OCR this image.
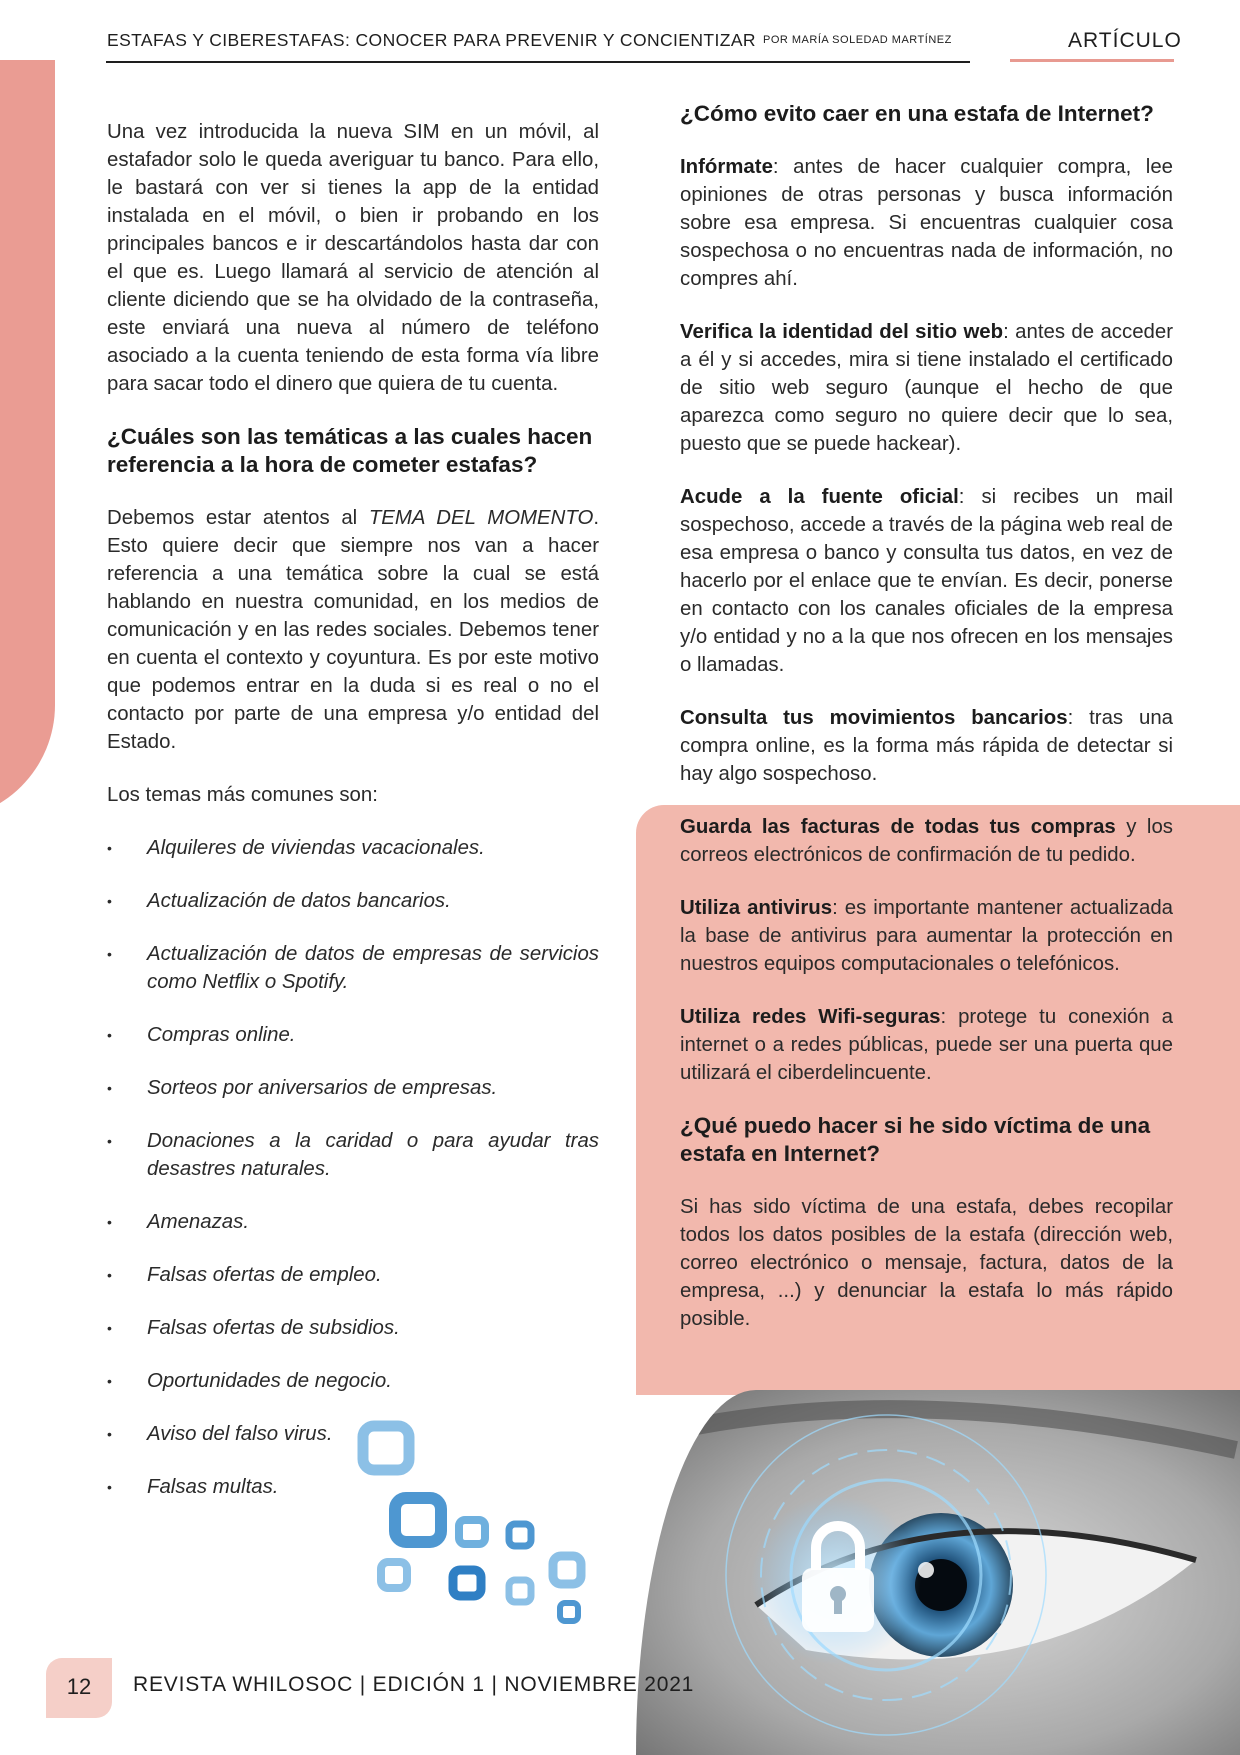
ESTAFAS Y CIBERESTAFAS: CONOCER PARA PREVENIR Y CONCIENTIZAR POR MARÍA SOLEDAD MARTÍNEZ	ARTÍCULO

Una vez introducida la nueva SIM en un móvil, al estafador solo le queda averiguar tu banco. Para ello, le bastará con ver si tienes la app de la entidad instalada en el móvil, o bien ir probando en los principales bancos e ir descartándolos hasta dar con el que es. Luego llamará al servicio de atención al cliente diciendo que se ha olvidado de la contraseña, este enviará una nueva al número de teléfono asociado a la cuenta teniendo de esta forma vía libre para sacar todo el dinero que quiera de tu cuenta.

¿Cuáles son las temáticas a las cuales hacen referencia a la hora de cometer estafas?

Debemos estar atentos al TEMA DEL MOMENTO. Esto quiere decir que siempre nos van a hacer referencia a una temática sobre la cual se está hablando en nuestra comunidad, en los medios de comunicación y en las redes sociales. Debemos tener en cuenta el contexto y coyuntura. Es por este motivo que podemos entrar en la duda si es real o no el contacto por parte de una empresa y/o entidad del Estado.

Los temas más comunes son:

• Alquileres de viviendas vacacionales.
• Actualización de datos bancarios.
• Actualización de datos de empresas de servicios como Netflix o Spotify.
• Compras online.
• Sorteos por aniversarios de empresas.
• Donaciones a la caridad o para ayudar tras desastres naturales.
• Amenazas.
• Falsas ofertas de empleo.
• Falsas ofertas de subsidios.
• Oportunidades de negocio.
• Aviso del falso virus.
• Falsas multas.
¿Cómo evito caer en una estafa de Internet?

Infórmate: antes de hacer cualquier compra, lee opiniones de otras personas y busca información sobre esa empresa. Si encuentras cualquier cosa sospechosa o no encuentras nada de información, no compres ahí.

Verifica la identidad del sitio web: antes de acceder a él y si accedes, mira si tiene instalado el certificado de sitio web seguro (aunque el hecho de que aparezca como seguro no quiere decir que lo sea, puesto que se puede hackear).

Acude a la fuente oficial: si recibes un mail sospechoso, accede a través de la página web real de esa empresa o banco y consulta tus datos, en vez de hacerlo por el enlace que te envían. Es decir, ponerse en contacto con los canales oficiales de la empresa y/o entidad y no a la que nos ofrecen en los mensajes o llamadas.

Consulta tus movimientos bancarios: tras una compra online, es la forma más rápida de detectar si hay algo sospechoso.

Guarda las facturas de todas tus compras y los correos electrónicos de confirmación de tu pedido.

Utiliza antivirus: es importante mantener actualizada la base de antivirus para aumentar la protección en nuestros equipos computacionales o telefónicos.

Utiliza redes Wifi-seguras: protege tu conexión a internet o a redes públicas, puede ser una puerta que utilizará el ciberdelincuente.

¿Qué puedo hacer si he sido víctima de una estafa en Internet?

Si has sido víctima de una estafa, debes recopilar todos los datos posibles de la estafa (dirección web, correo electrónico o mensaje, factura, datos de la empresa, ...) y denunciar la estafa lo más rápido posible.

12	REVISTA WHILOSOC | EDICIÓN 1 | NOVIEMBRE 2021
